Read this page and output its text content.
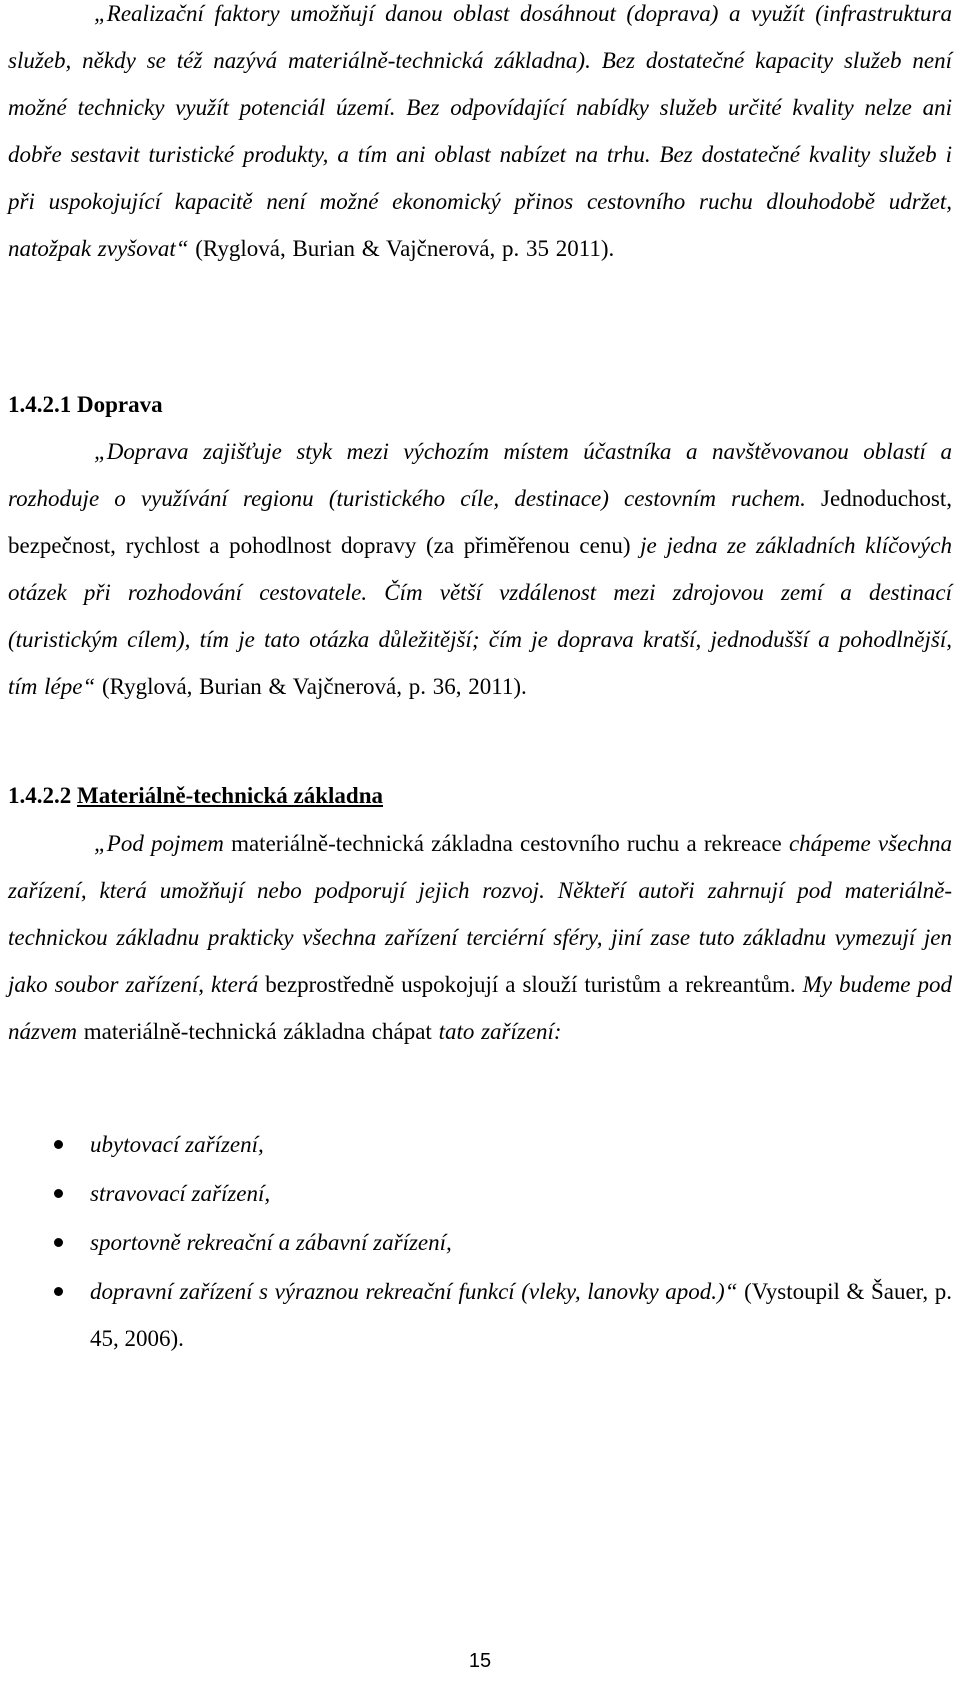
„Realizační faktory umožňují danou oblast dosáhnout (doprava) a využít (infrastruktura služeb, někdy se též nazývá materiálně-technická základna). Bez dostatečné kapacity služeb není možné technicky využít potenciál území. Bez odpovídající nabídky služeb určité kvality nelze ani dobře sestavit turistické produkty, a tím ani oblast nabízet na trhu. Bez dostatečné kvality služeb i při uspokojující kapacitě není možné ekonomický přinos cestovního ruchu dlouhodobě udržet, natožpak zvyšovat“ (Ryglová, Burian & Vajčnerová, p. 35 2011).

1.4.2.1 Doprava

„Doprava zajišťuje styk mezi výchozím místem účastníka a navštěvovanou oblastí a rozhoduje o využívání regionu (turistického cíle, destinace) cestovním ruchem. Jednoduchost, bezpečnost, rychlost a pohodlnost dopravy (za přiměřenou cenu) je jedna ze základních klíčových otázek při rozhodování cestovatele. Čím větší vzdálenost mezi zdrojovou zemí a destinací (turistickým cílem), tím je tato otázka důležitější; čím je doprava kratší, jednodušší a pohodlnější, tím lépe“ (Ryglová, Burian & Vajčnerová, p. 36, 2011).

1.4.2.2 Materiálně-technická základna

„Pod pojmem materiálně-technická základna cestovního ruchu a rekreace chápeme všechna zařízení, která umožňují nebo podporují jejich rozvoj. Někteří autoři zahrnují pod materiálně-technickou základnu prakticky všechna zařízení terciérní sféry, jiní zase tuto základnu vymezují jen jako soubor zařízení, která bezprostředně uspokojují a slouží turistům a rekreantům. My budeme pod názvem materiálně-technická základna chápat tato zařízení:

ubytovací zařízení,
stravovací zařízení,
sportovně rekreační a zábavní zařízení,
dopravní zařízení s výraznou rekreační funkcí (vleky, lanovky apod.)“ (Vystoupil & Šauer, p. 45, 2006).
15
